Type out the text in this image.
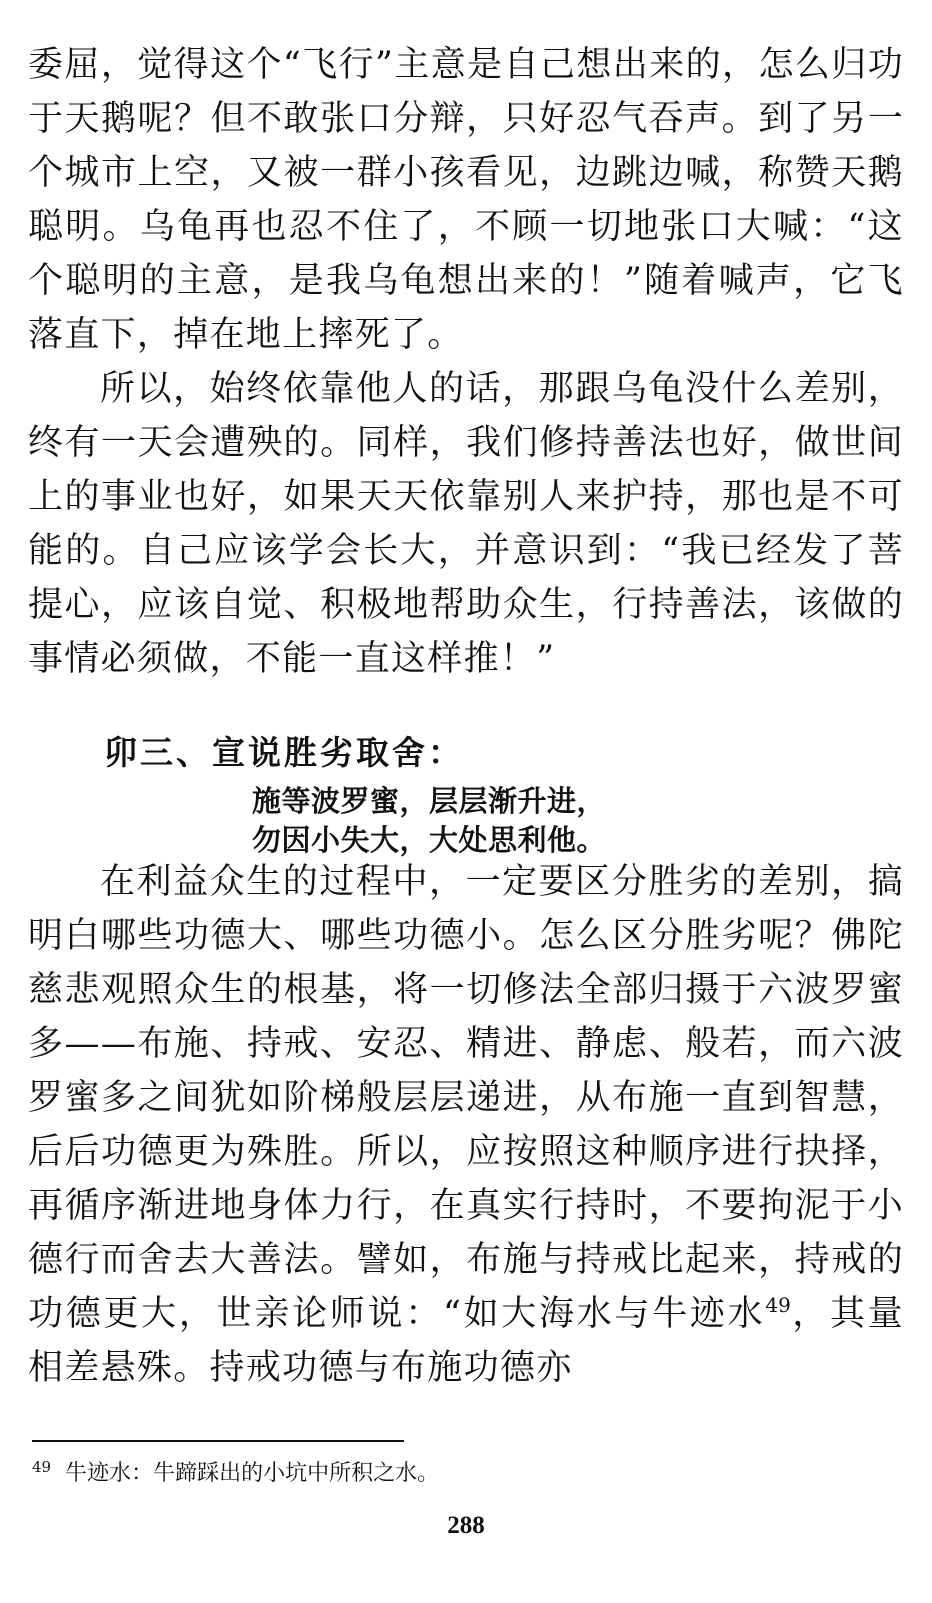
委屈，觉得这个“飞行”主意是自己想出来的，怎么归功于天鹅呢？但不敢张口分辩，只好忍气吞声。到了另一个城市上空，又被一群小孩看见，边跳边喊，称赞天鹅聪明。乌龟再也忍不住了，不顾一切地张口大喊：“这个聪明的主意，是我乌龟想出来的！”随着喊声，它飞落直下，掉在地上摔死了。

所以，始终依靠他人的话，那跟乌龟没什么差别，终有一天会遭殃的。同样，我们修持善法也好，做世间上的事业也好，如果天天依靠别人来护持，那也是不可能的。自己应该学会长大，并意识到：“我已经发了菩提心，应该自觉、积极地帮助众生，行持善法，该做的事情必须做，不能一直这样推！”

卯三、宣说胜劣取舍：

施等波罗蜜，层层渐升进，

勿因小失大，大处思利他。

在利益众生的过程中，一定要区分胜劣的差别，搞明白哪些功德大、哪些功德小。怎么区分胜劣呢？佛陀慈悲观照众生的根基，将一切修法全部归摄于六波罗蜜多——布施、持戒、安忍、精进、静虑、般若，而六波罗蜜多之间犹如阶梯般层层递进，从布施一直到智慧，后后功德更为殊胜。所以，应按照这种顺序进行抉择，再循序渐进地身体力行，在真实行持时，不要拘泥于小德行而舍去大善法。譬如，布施与持戒比起来，持戒的功德更大，世亲论师说：“如大海水与牛迹水$^{49}$，其量相差悬殊。持戒功德与布施功德亦

$^{49}$ 牛迹水：牛蹄踩出的小坑中所积之水。

288
